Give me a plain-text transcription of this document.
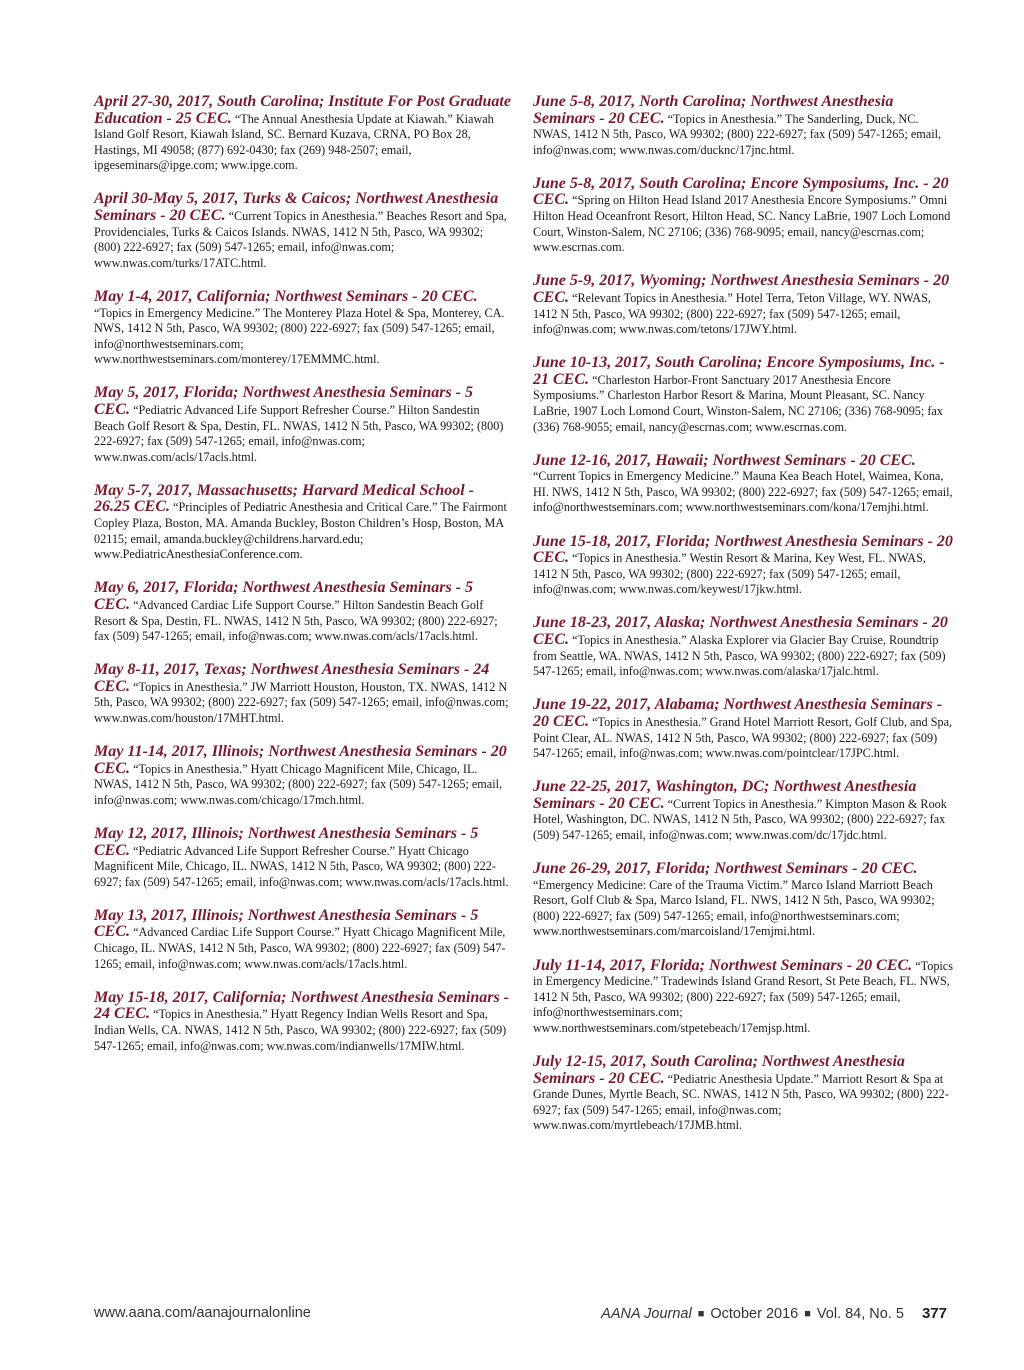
April 27-30, 2017, South Carolina; Institute For Post Graduate Education - 25 CEC. “The Annual Anesthesia Update at Kiawah.” Kiawah Island Golf Resort, Kiawah Island, SC. Bernard Kuzava, CRNA, PO Box 28, Hastings, MI 49058; (877) 692-0430; fax (269) 948-2507; email, ipgeseminars@ipge.com; www.ipge.com.

April 30-May 5, 2017, Turks & Caicos; Northwest Anesthesia Seminars - 20 CEC. “Current Topics in Anesthesia.” Beaches Resort and Spa, Providenciales, Turks & Caicos Islands. NWAS, 1412 N 5th, Pasco, WA 99302; (800) 222-6927; fax (509) 547-1265; email, info@nwas.com; www.nwas.com/turks/17ATC.html.

May 1-4, 2017, California; Northwest Seminars - 20 CEC. “Topics in Emergency Medicine.” The Monterey Plaza Hotel & Spa, Monterey, CA. NWS, 1412 N 5th, Pasco, WA 99302; (800) 222-6927; fax (509) 547-1265; email, info@northwestseminars.com; www.northwestseminars.com/monterey/17EMMMC.html.

May 5, 2017, Florida; Northwest Anesthesia Seminars - 5 CEC. “Pediatric Advanced Life Support Refresher Course.” Hilton Sandestin Beach Golf Resort & Spa, Destin, FL. NWAS, 1412 N 5th, Pasco, WA 99302; (800) 222-6927; fax (509) 547-1265; email, info@nwas.com; www.nwas.com/acls/17acls.html.

May 5-7, 2017, Massachusetts; Harvard Medical School - 26.25 CEC. “Principles of Pediatric Anesthesia and Critical Care.” The Fairmont Copley Plaza, Boston, MA. Amanda Buckley, Boston Children’s Hosp, Boston, MA 02115; email, amanda.buckley@childrens.harvard.edu; www.PediatricAnesthesiaConference.com.

May 6, 2017, Florida; Northwest Anesthesia Seminars - 5 CEC. “Advanced Cardiac Life Support Course.” Hilton Sandestin Beach Golf Resort & Spa, Destin, FL. NWAS, 1412 N 5th, Pasco, WA 99302; (800) 222-6927; fax (509) 547-1265; email, info@nwas.com; www.nwas.com/acls/17acls.html.

May 8-11, 2017, Texas; Northwest Anesthesia Seminars - 24 CEC. “Topics in Anesthesia.” JW Marriott Houston, Houston, TX. NWAS, 1412 N 5th, Pasco, WA 99302; (800) 222-6927; fax (509) 547-1265; email, info@nwas.com; www.nwas.com/houston/17MHT.html.

May 11-14, 2017, Illinois; Northwest Anesthesia Seminars - 20 CEC. “Topics in Anesthesia.” Hyatt Chicago Magnificent Mile, Chicago, IL. NWAS, 1412 N 5th, Pasco, WA 99302; (800) 222-6927; fax (509) 547-1265; email, info@nwas.com; www.nwas.com/chicago/17mch.html.

May 12, 2017, Illinois; Northwest Anesthesia Seminars - 5 CEC. “Pediatric Advanced Life Support Refresher Course.” Hyatt Chicago Magnificent Mile, Chicago, IL. NWAS, 1412 N 5th, Pasco, WA 99302; (800) 222-6927; fax (509) 547-1265; email, info@nwas.com; www.nwas.com/acls/17acls.html.

May 13, 2017, Illinois; Northwest Anesthesia Seminars - 5 CEC. “Advanced Cardiac Life Support Course.” Hyatt Chicago Magnificent Mile, Chicago, IL. NWAS, 1412 N 5th, Pasco, WA 99302; (800) 222-6927; fax (509) 547-1265; email, info@nwas.com; www.nwas.com/acls/17acls.html.

May 15-18, 2017, California; Northwest Anesthesia Seminars - 24 CEC. “Topics in Anesthesia.” Hyatt Regency Indian Wells Resort and Spa, Indian Wells, CA. NWAS, 1412 N 5th, Pasco, WA 99302; (800) 222-6927; fax (509) 547-1265; email, info@nwas.com; ww.nwas.com/indianwells/17MIW.html.

June 5-8, 2017, North Carolina; Northwest Anesthesia Seminars - 20 CEC. “Topics in Anesthesia.” The Sanderling, Duck, NC. NWAS, 1412 N 5th, Pasco, WA 99302; (800) 222-6927; fax (509) 547-1265; email, info@nwas.com; www.nwas.com/ducknc/17jnc.html.

June 5-8, 2017, South Carolina; Encore Symposiums, Inc. - 20 CEC. “Spring on Hilton Head Island 2017 Anesthesia Encore Symposiums.” Omni Hilton Head Oceanfront Resort, Hilton Head, SC. Nancy LaBrie, 1907 Loch Lomond Court, Winston-Salem, NC 27106; (336) 768-9095; email, nancy@escrnas.com; www.escrnas.com.

June 5-9, 2017, Wyoming; Northwest Anesthesia Seminars - 20 CEC. “Relevant Topics in Anesthesia.” Hotel Terra, Teton Village, WY. NWAS, 1412 N 5th, Pasco, WA 99302; (800) 222-6927; fax (509) 547-1265; email, info@nwas.com; www.nwas.com/tetons/17JWY.html.

June 10-13, 2017, South Carolina; Encore Symposiums, Inc. - 21 CEC. “Charleston Harbor-Front Sanctuary 2017 Anesthesia Encore Symposiums.” Charleston Harbor Resort & Marina, Mount Pleasant, SC. Nancy LaBrie, 1907 Loch Lomond Court, Winston-Salem, NC 27106; (336) 768-9095; fax (336) 768-9055; email, nancy@escrnas.com; www.escrnas.com.

June 12-16, 2017, Hawaii; Northwest Seminars - 20 CEC. “Current Topics in Emergency Medicine.” Mauna Kea Beach Hotel, Waimea, Kona, HI. NWS, 1412 N 5th, Pasco, WA 99302; (800) 222-6927; fax (509) 547-1265; email, info@northwestseminars.com; www.northwestseminars.com/kona/17emjhi.html.

June 15-18, 2017, Florida; Northwest Anesthesia Seminars - 20 CEC. “Topics in Anesthesia.” Westin Resort & Marina, Key West, FL. NWAS, 1412 N 5th, Pasco, WA 99302; (800) 222-6927; fax (509) 547-1265; email, info@nwas.com; www.nwas.com/keywest/17jkw.html.

June 18-23, 2017, Alaska; Northwest Anesthesia Seminars - 20 CEC. “Topics in Anesthesia.” Alaska Explorer via Glacier Bay Cruise, Roundtrip from Seattle, WA. NWAS, 1412 N 5th, Pasco, WA 99302; (800) 222-6927; fax (509) 547-1265; email, info@nwas.com; www.nwas.com/alaska/17jalc.html.

June 19-22, 2017, Alabama; Northwest Anesthesia Seminars - 20 CEC. “Topics in Anesthesia.” Grand Hotel Marriott Resort, Golf Club, and Spa, Point Clear, AL. NWAS, 1412 N 5th, Pasco, WA 99302; (800) 222-6927; fax (509) 547-1265; email, info@nwas.com; www.nwas.com/pointclear/17JPC.html.

June 22-25, 2017, Washington, DC; Northwest Anesthesia Seminars - 20 CEC. “Current Topics in Anesthesia.” Kimpton Mason & Rook Hotel, Washington, DC. NWAS, 1412 N 5th, Pasco, WA 99302; (800) 222-6927; fax (509) 547-1265; email, info@nwas.com; www.nwas.com/dc/17jdc.html.

June 26-29, 2017, Florida; Northwest Seminars - 20 CEC. “Emergency Medicine: Care of the Trauma Victim.” Marco Island Marriott Beach Resort, Golf Club & Spa, Marco Island, FL. NWS, 1412 N 5th, Pasco, WA 99302; (800) 222-6927; fax (509) 547-1265; email, info@northwestseminars.com; www.northwestseminars.com/marcoisland/17emjmi.html.

July 11-14, 2017, Florida; Northwest Seminars - 20 CEC. “Topics in Emergency Medicine.” Tradewinds Island Grand Resort, St Pete Beach, FL. NWS, 1412 N 5th, Pasco, WA 99302; (800) 222-6927; fax (509) 547-1265; email, info@northwestseminars.com; www.northwestseminars.com/stpetebeach/17emjsp.html.

July 12-15, 2017, South Carolina; Northwest Anesthesia Seminars - 20 CEC. “Pediatric Anesthesia Update.” Marriott Resort & Spa at Grande Dunes, Myrtle Beach, SC. NWAS, 1412 N 5th, Pasco, WA 99302; (800) 222-6927; fax (509) 547-1265; email, info@nwas.com; www.nwas.com/myrtlebeach/17JMB.html.

www.aana.com/aanajournalonline	AANA Journal ■ October 2016 ■ Vol. 84, No. 5 377
